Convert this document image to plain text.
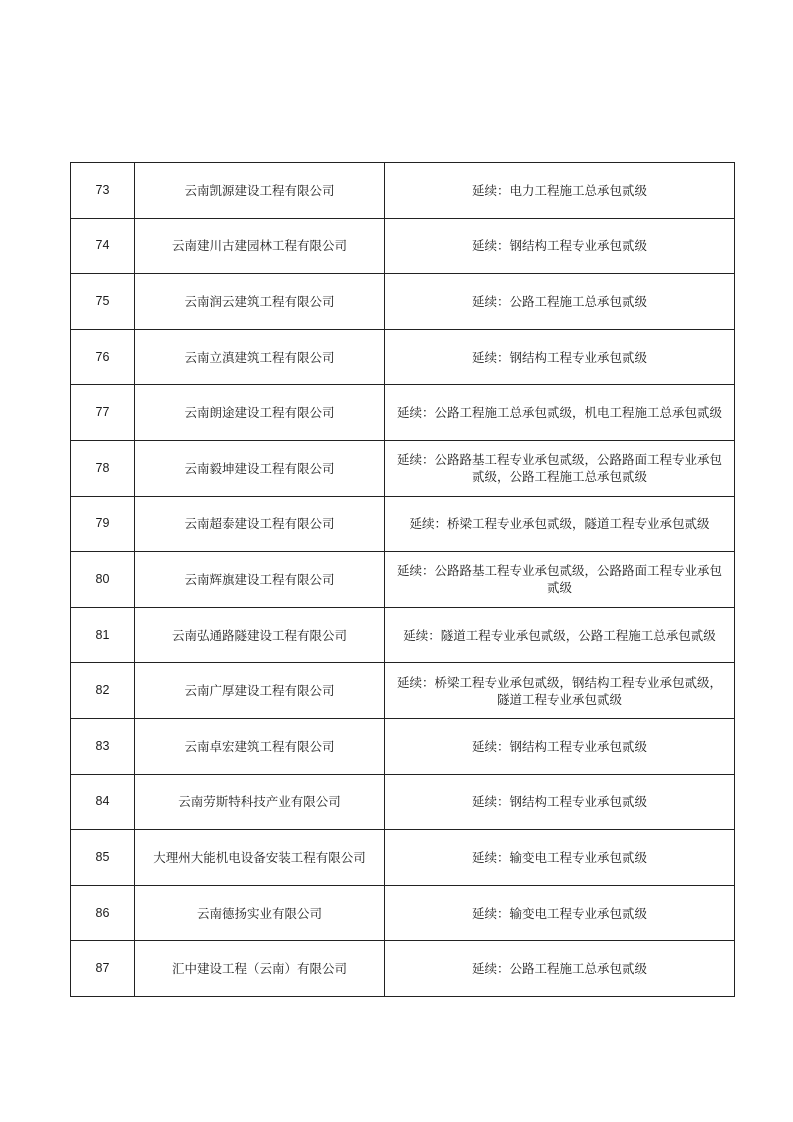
73	云南凯源建设工程有限公司	延续：电力工程施工总承包贰级
74	云南建川古建园林工程有限公司	延续：钢结构工程专业承包贰级
75	云南润云建筑工程有限公司	延续：公路工程施工总承包贰级
76	云南立滇建筑工程有限公司	延续：钢结构工程专业承包贰级
77	云南朗途建设工程有限公司	延续：公路工程施工总承包贰级，机电工程施工总承包贰级
78	云南毅坤建设工程有限公司	延续：公路路基工程专业承包贰级，公路路面工程专业承包贰级，公路工程施工总承包贰级
79	云南超泰建设工程有限公司	延续：桥梁工程专业承包贰级，隧道工程专业承包贰级
80	云南辉旗建设工程有限公司	延续：公路路基工程专业承包贰级，公路路面工程专业承包贰级
81	云南弘通路隧建设工程有限公司	延续：隧道工程专业承包贰级，公路工程施工总承包贰级
82	云南广厚建设工程有限公司	延续：桥梁工程专业承包贰级，钢结构工程专业承包贰级，隧道工程专业承包贰级
83	云南卓宏建筑工程有限公司	延续：钢结构工程专业承包贰级
84	云南劳斯特科技产业有限公司	延续：钢结构工程专业承包贰级
85	大理州大能机电设备安装工程有限公司	延续：输变电工程专业承包贰级
86	云南德扬实业有限公司	延续：输变电工程专业承包贰级
87	汇中建设工程（云南）有限公司	延续：公路工程施工总承包贰级
